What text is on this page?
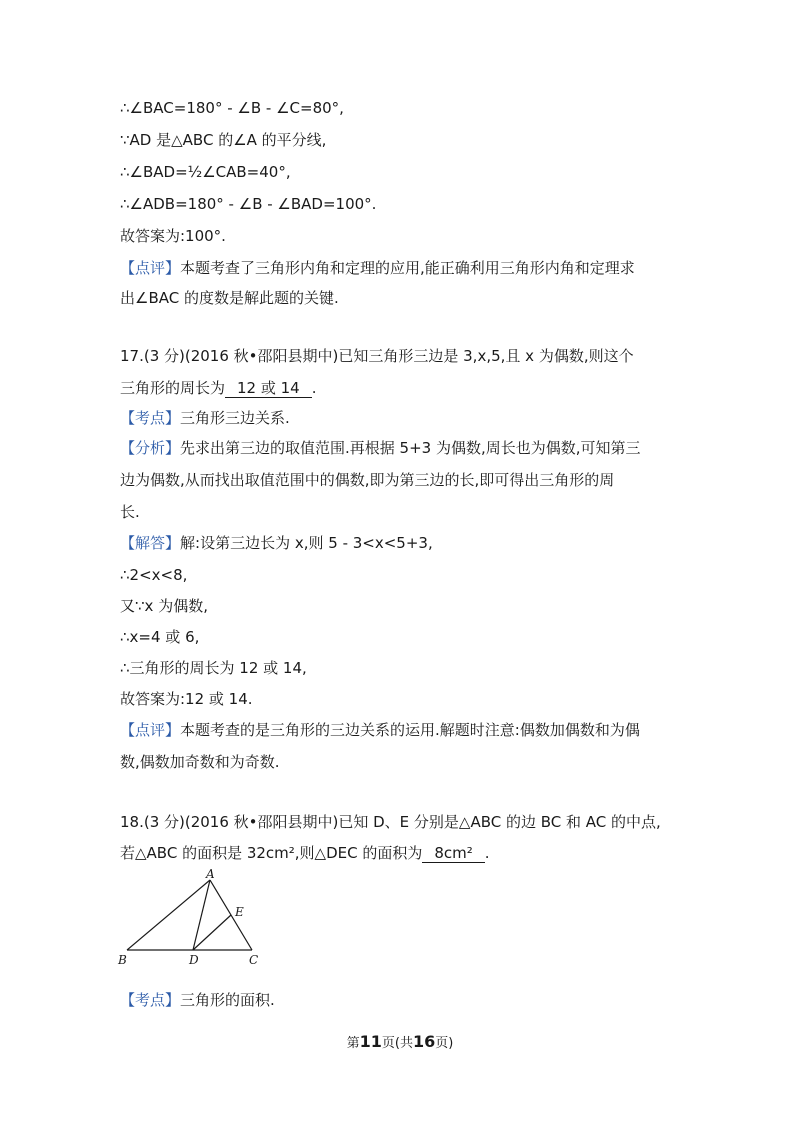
∴∠BAC=180° - ∠B - ∠C=80°,
∵AD 是△ABC 的∠A 的平分线,
∴∠BAD=½∠CAB=40°,
∴∠ADB=180° - ∠B - ∠BAD=100°.
故答案为:100°.
【点评】本题考查了三角形内角和定理的应用,能正确利用三角形内角和定理求
出∠BAC 的度数是解此题的关键.
17.(3 分)(2016 秋•邵阳县期中)已知三角形三边是 3,x,5,且 x 为偶数,则这个
三角形的周长为 12 或 14 .
【考点】三角形三边关系.
【分析】先求出第三边的取值范围.再根据 5+3 为偶数,周长也为偶数,可知第三
边为偶数,从而找出取值范围中的偶数,即为第三边的长,即可得出三角形的周
长.
【解答】解:设第三边长为 x,则 5 - 3<x<5+3,
∴2<x<8,
又∵x 为偶数,
∴x=4 或 6,
∴三角形的周长为 12 或 14,
故答案为:12 或 14.
【点评】本题考查的是三角形的三边关系的运用.解题时注意:偶数加偶数和为偶
数,偶数加奇数和为奇数.
18.(3 分)(2016 秋•邵阳县期中)已知 D、E 分别是△ABC 的边 BC 和 AC 的中点,
若△ABC 的面积是 32cm²,则△DEC 的面积为 8cm² .
A
B	C
D
E
【考点】三角形的面积.
第11页(共16页)
